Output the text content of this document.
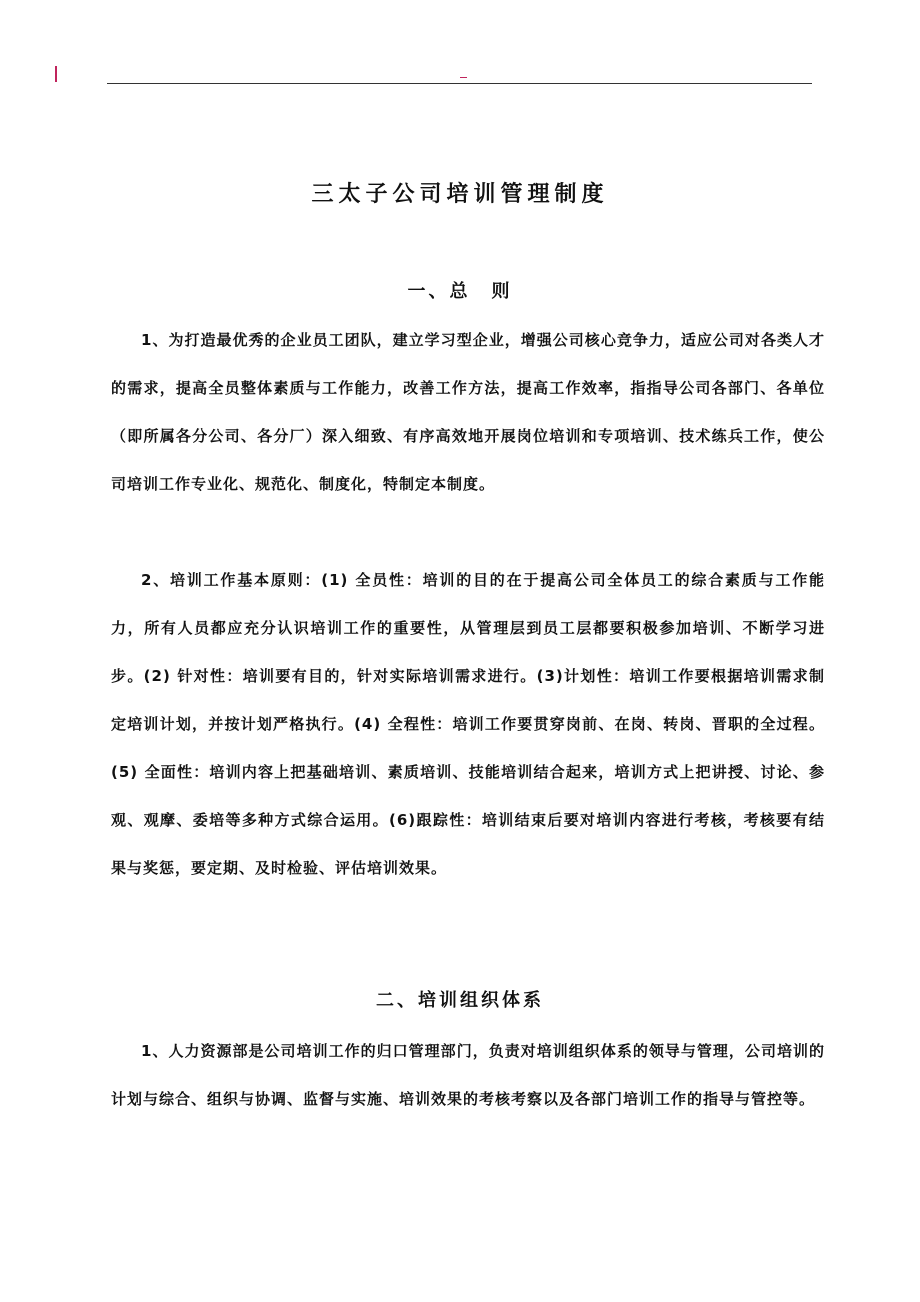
三太子公司培训管理制度
一、总　则

1、为打造最优秀的企业员工团队，建立学习型企业，增强公司核心竞争力，适应公司对各类人才的需求，提高全员整体素质与工作能力，改善工作方法，提高工作效率，指指导公司各部门、各单位（即所属各分公司、各分厂）深入细致、有序高效地开展岗位培训和专项培训、技术练兵工作，使公司培训工作专业化、规范化、制度化，特制定本制度。

2、培训工作基本原则：(1) 全员性：培训的目的在于提高公司全体员工的综合素质与工作能力，所有人员都应充分认识培训工作的重要性，从管理层到员工层都要积极参加培训、不断学习进步。(2) 针对性：培训要有目的，针对实际培训需求进行。(3)计划性：培训工作要根据培训需求制定培训计划，并按计划严格执行。(4) 全程性：培训工作要贯穿岗前、在岗、转岗、晋职的全过程。(5) 全面性：培训内容上把基础培训、素质培训、技能培训结合起来，培训方式上把讲授、讨论、参观、观摩、委培等多种方式综合运用。(6)跟踪性：培训结束后要对培训内容进行考核，考核要有结果与奖惩，要定期、及时检验、评估培训效果。

二、培训组织体系

1、人力资源部是公司培训工作的归口管理部门，负责对培训组织体系的领导与管理，公司培训的计划与综合、组织与协调、监督与实施、培训效果的考核考察以及各部门培训工作的指导与管控等。
